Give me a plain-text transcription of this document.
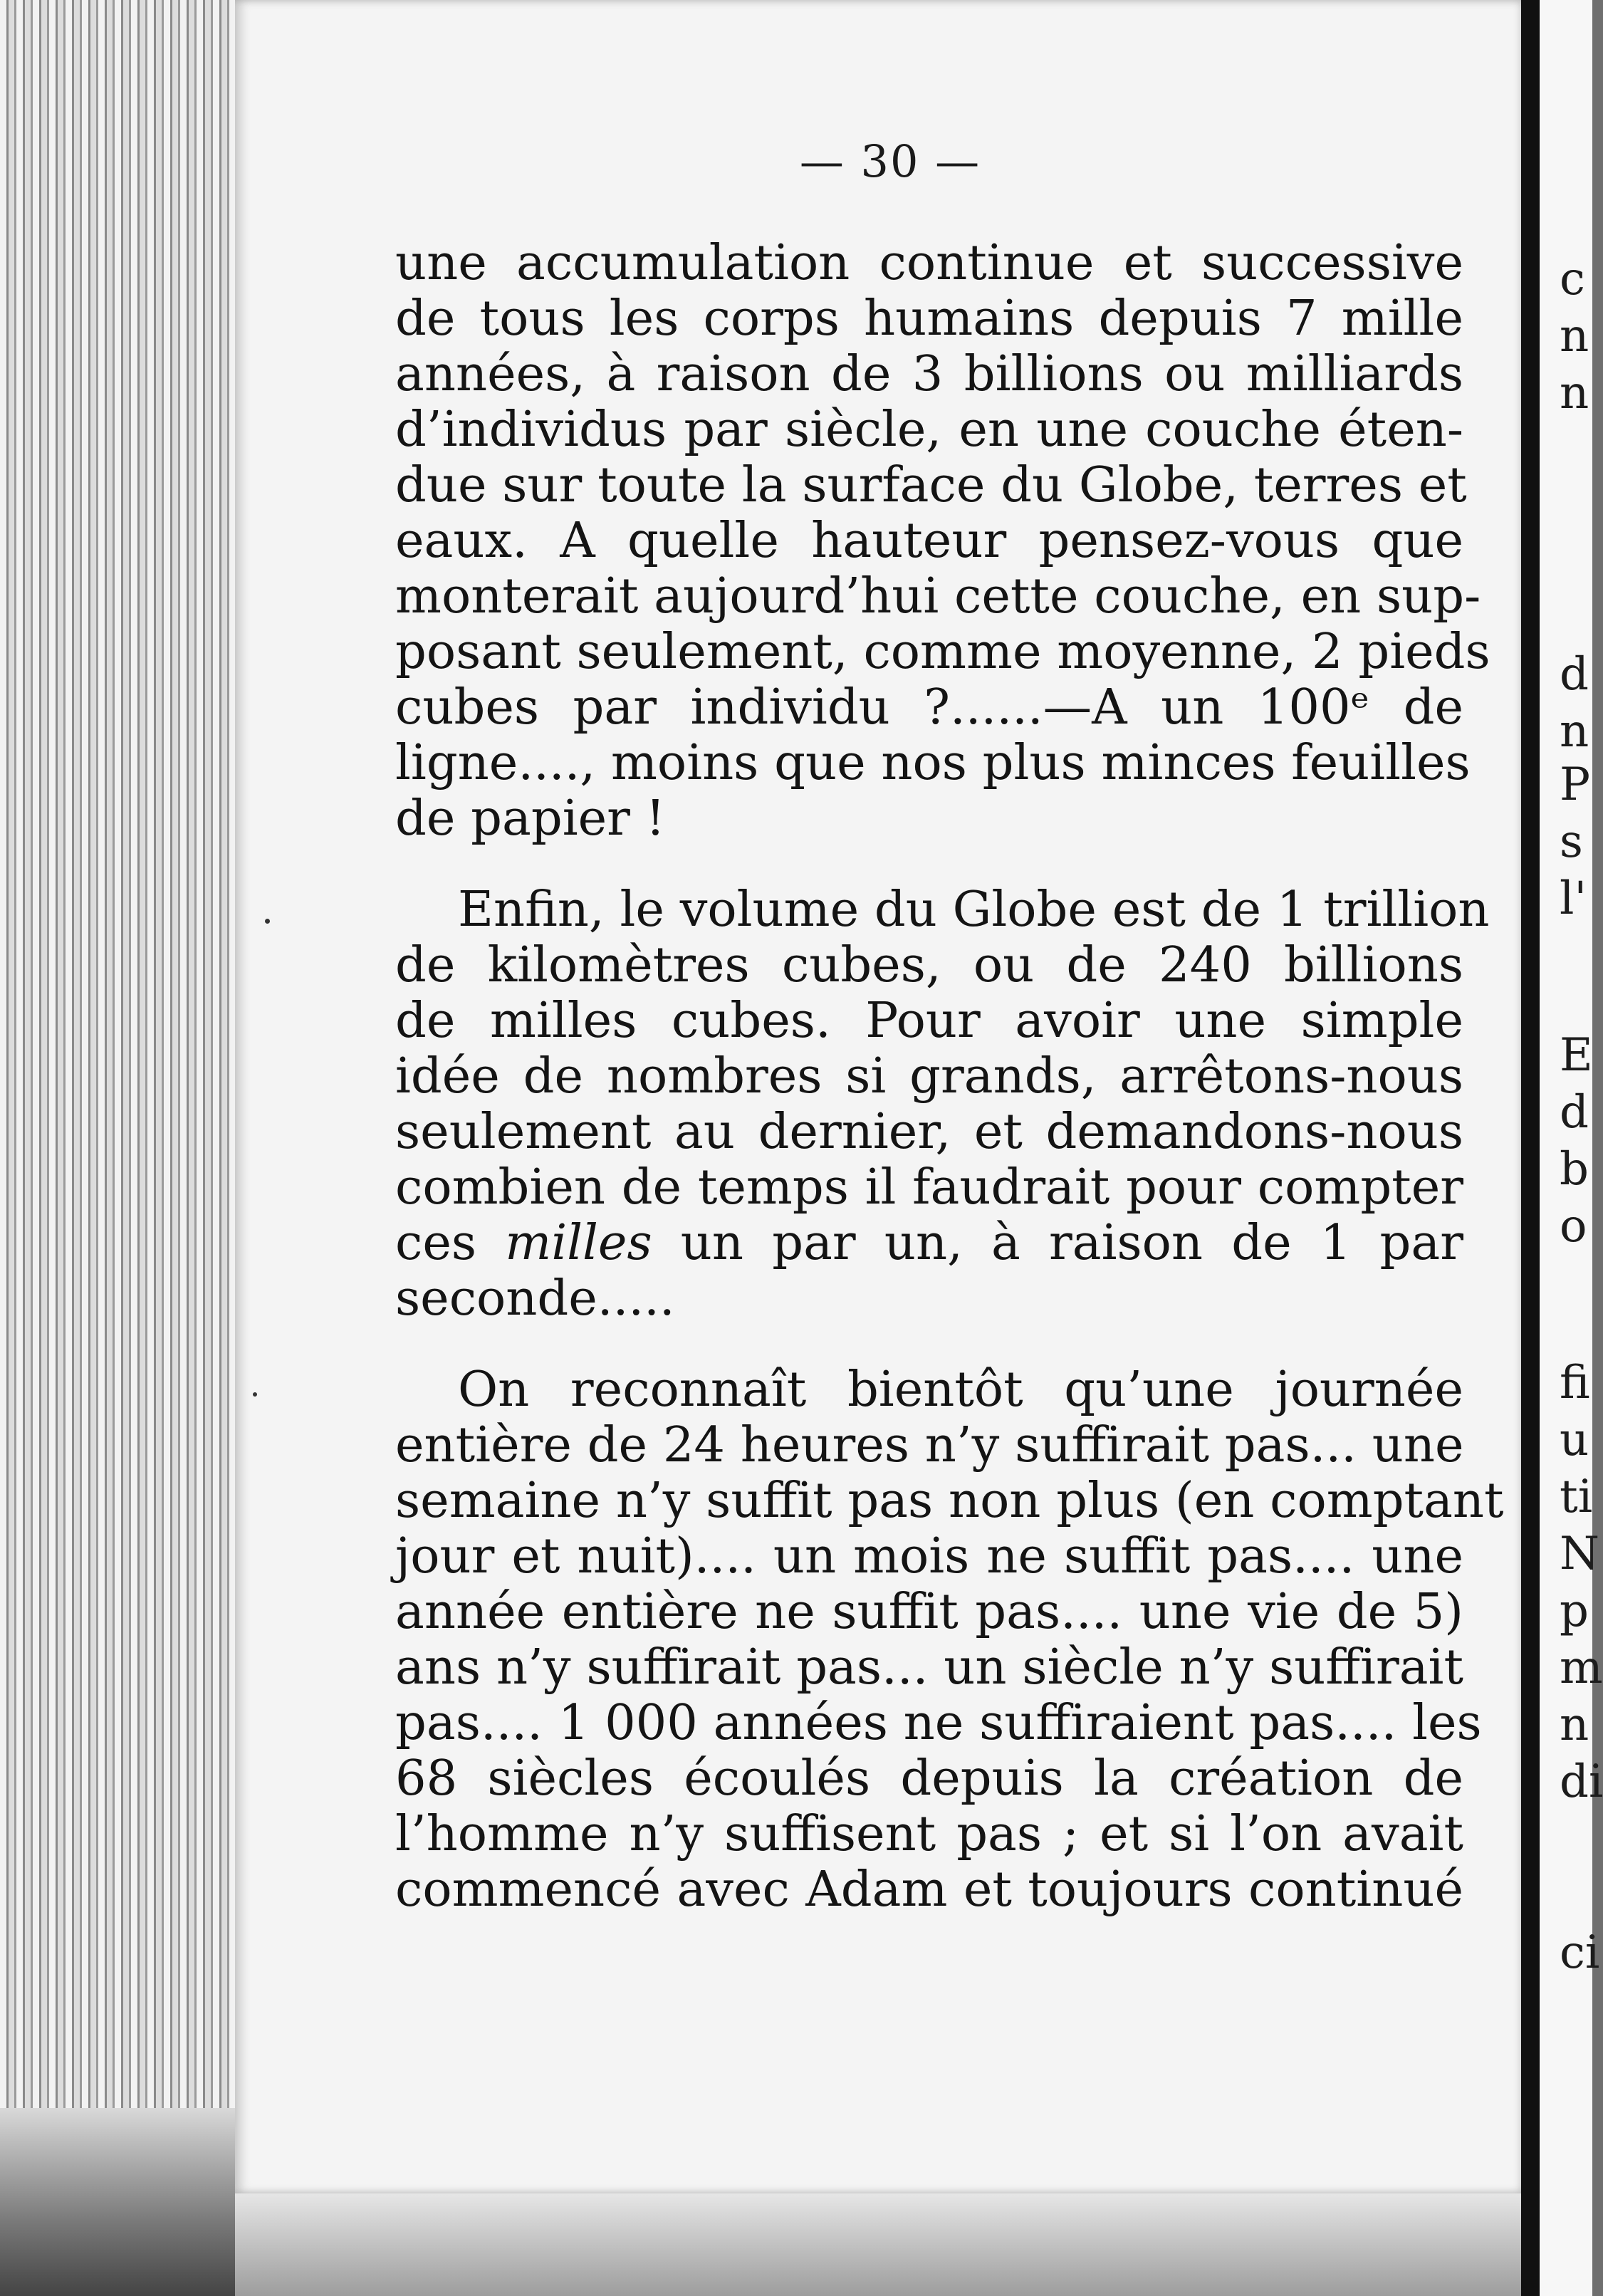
c
n
n
d
n
P
s
l'
E
d
b
o
fi
u
ti
N
p
m
n
di
ci
— 30 —

une accumulation continue et successive
de tous les corps humains depuis 7 mille
années, à raison de 3 billions ou milliards
d’individus par siècle, en une couche éten-
due sur toute la surface du Globe, terres et
eaux. A quelle hauteur pensez-vous que
monterait aujourd’hui cette couche, en sup-
posant seulement, comme moyenne, 2 pieds
cubes par individu ?......—A un 100ᵉ de
ligne...., moins que nos plus minces feuilles
de papier !

Enfin, le volume du Globe est de 1 trillion
de kilomètres cubes, ou de 240 billions
de milles cubes. Pour avoir une simple
idée de nombres si grands, arrêtons-nous
seulement au dernier, et demandons-nous
combien de temps il faudrait pour compter
ces milles un par un, à raison de 1 par
seconde.....

On reconnaît bientôt qu’une journée
entière de 24 heures n’y suffirait pas... une
semaine n’y suffit pas non plus (en comptant
jour et nuit).... un mois ne suffit pas.... une
année entière ne suffit pas.... une vie de 5)
ans n’y suffirait pas... un siècle n’y suffirait
pas.... 1 000 années ne suffiraient pas.... les
68 siècles écoulés depuis la création de
l’homme n’y suffisent pas ; et si l’on avait
commencé avec Adam et toujours continué
